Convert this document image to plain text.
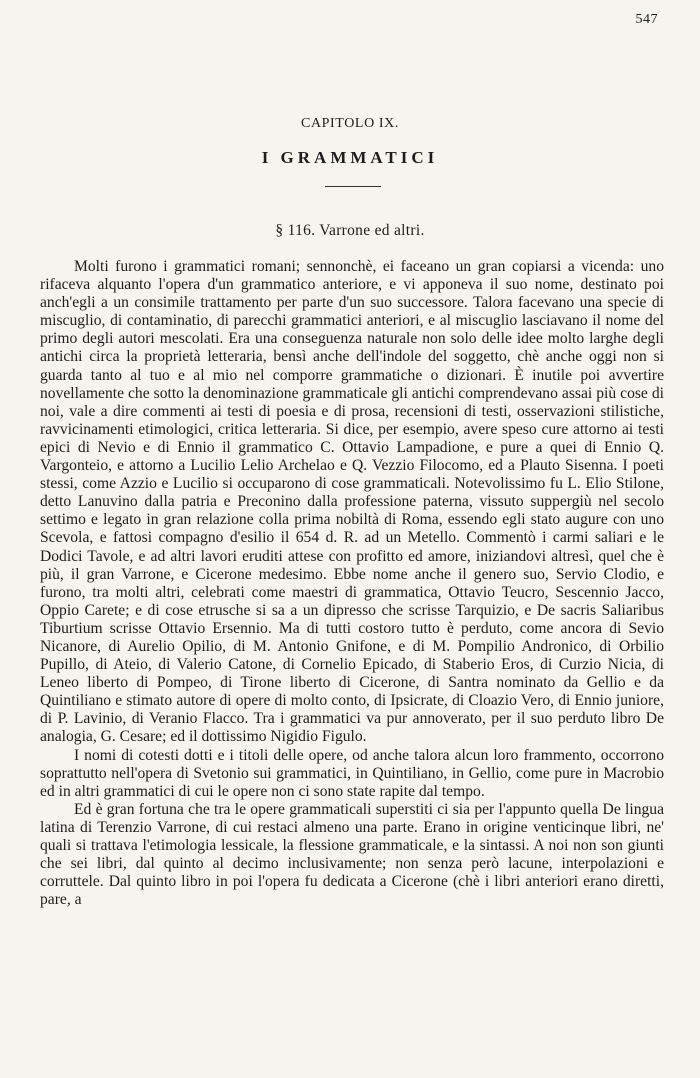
547
CAPITOLO IX.
I GRAMMATICI
§ 116. Varrone ed altri.

Molti furono i grammatici romani; sennonchè, ei faceano un gran copiarsi a vicenda: uno rifaceva alquanto l'opera d'un grammatico anteriore, e vi apponeva il suo nome, destinato poi anch'egli a un consimile trattamento per parte d'un suo successore. Talora facevano una specie di miscuglio, di contaminatio, di parecchi grammatici anteriori, e al miscuglio lasciavano il nome del primo degli autori mescolati. Era una conseguenza naturale non solo delle idee molto larghe degli antichi circa la proprietà letteraria, bensì anche dell'indole del soggetto, chè anche oggi non si guarda tanto al tuo e al mio nel comporre grammatiche o dizionari. È inutile poi avvertire novellamente che sotto la denominazione grammaticale gli antichi comprendevano assai più cose di noi, vale a dire commenti ai testi di poesia e di prosa, recensioni di testi, osservazioni stilistiche, ravvicinamenti etimologici, critica letteraria. Si dice, per esempio, avere speso cure attorno ai testi epici di Nevio e di Ennio il grammatico C. Ottavio Lampadione, e pure a quei di Ennio Q. Vargonteio, e attorno a Lucilio Lelio Archelao e Q. Vezzio Filocomo, ed a Plauto Sisenna. I poeti stessi, come Azzio e Lucilio si occuparono di cose grammaticali. Notevolissimo fu L. Elio Stilone, detto Lanuvino dalla patria e Preconino dalla professione paterna, vissuto suppergiù nel secolo settimo e legato in gran relazione colla prima nobiltà di Roma, essendo egli stato augure con uno Scevola, e fattosi compagno d'esilio il 654 d. R. ad un Metello. Commentò i carmi saliari e le Dodici Tavole, e ad altri lavori eruditi attese con profitto ed amore, iniziandovi altresì, quel che è più, il gran Varrone, e Cicerone medesimo. Ebbe nome anche il genero suo, Servio Clodio, e furono, tra molti altri, celebrati come maestri di grammatica, Ottavio Teucro, Sescennio Jacco, Oppio Carete; e di cose etrusche si sa a un dipresso che scrisse Tarquizio, e De sacris Saliaribus Tiburtium scrisse Ottavio Ersennio. Ma di tutti costoro tutto è perduto, come ancora di Sevio Nicanore, di Aurelio Opilio, di M. Antonio Gnifone, e di M. Pompilio Andronico, di Orbilio Pupillo, di Ateio, di Valerio Catone, di Cornelio Epicado, di Staberio Eros, di Curzio Nicia, di Leneo liberto di Pompeo, di Tirone liberto di Cicerone, di Santra nominato da Gellio e da Quintiliano e stimato autore di opere di molto conto, di Ipsicrate, di Cloazio Vero, di Ennio juniore, di P. Lavinio, di Veranio Flacco. Tra i grammatici va pur annoverato, per il suo perduto libro De analogia, G. Cesare; ed il dottissimo Nigidio Figulo.

I nomi di cotesti dotti e i titoli delle opere, od anche talora alcun loro frammento, occorrono soprattutto nell'opera di Svetonio sui grammatici, in Quintiliano, in Gellio, come pure in Macrobio ed in altri grammatici di cui le opere non ci sono state rapite dal tempo.

Ed è gran fortuna che tra le opere grammaticali superstiti ci sia per l'appunto quella De lingua latina di Terenzio Varrone, di cui restaci almeno una parte. Erano in origine venticinque libri, ne' quali si trattava l'etimologia lessicale, la flessione grammaticale, e la sintassi. A noi non son giunti che sei libri, dal quinto al decimo inclusivamente; non senza però lacune, interpolazioni e corruttele. Dal quinto libro in poi l'opera fu dedicata a Cicerone (chè i libri anteriori erano diretti, pare, a
